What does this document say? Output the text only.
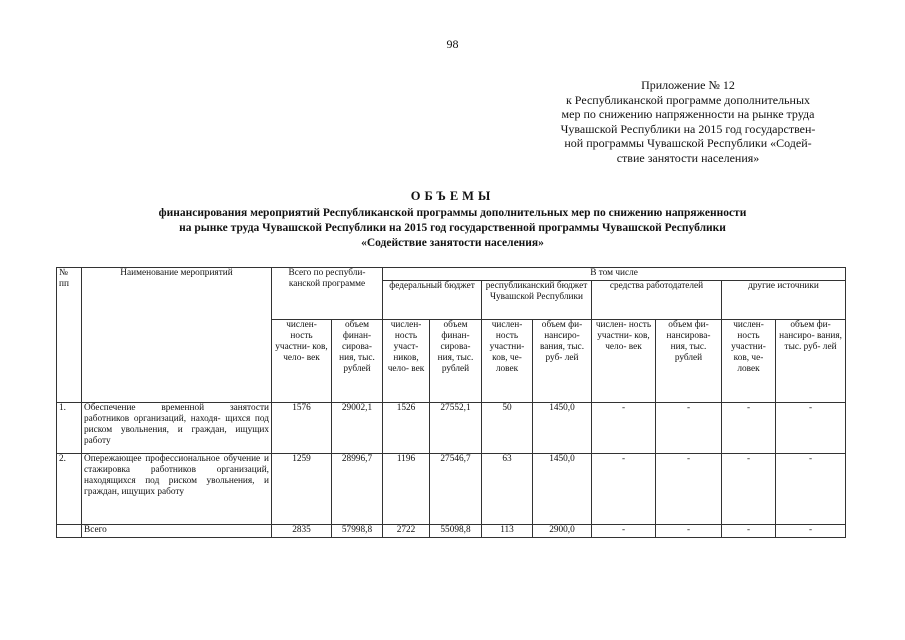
98
Приложение № 12
к Республиканской программе дополнительных
мер по снижению напряженности на рынке труда
Чувашской Республики на 2015 год государствен-
ной программы Чувашской Республики «Содей-
ствие занятости населения»
ОБЪЕМЫ
финансирования мероприятий Республиканской программы дополнительных мер по снижению напряженности
на рынке труда Чувашской Республики на 2015 год государственной программы Чувашской Республики
«Содействие занятости населения»
№ пп	Наименование мероприятий	Всего по республи- канской программе		В том числе							
				федеральный бюджет		республиканский бюджет Чувашской Республики		средства работодателей		другие источники	
		числен- ность участни- ков, чело- век	объем финан- сирова- ния, тыс. рублей	числен- ность участ- ников, чело- век	объем финан- сирова- ния, тыс. рублей	числен- ность участни- ков, че- ловек	объем фи- нансиро- вания, тыс. руб- лей	числен- ность участни- ков, чело- век	объем фи- нансирова- ния, тыс. рублей	числен- ность участни- ков, че- ловек	объем фи- нансиро- вания, тыс. руб- лей
1.	Обеспечение временной занятости работников организаций, находя- щихся под риском увольнения, и граждан, ищущих работу	1576	29002,1	1526	27552,1	50	1450,0	-	-	-	-
2.	Опережающее профессиональное обучение и стажировка работников организаций, находящихся под риском увольнения, и граждан, ищущих работу	1259	28996,7	1196	27546,7	63	1450,0	-	-	-	-
	Всего	2835	57998,8	2722	55098,8	113	2900,0	-	-	-	-
